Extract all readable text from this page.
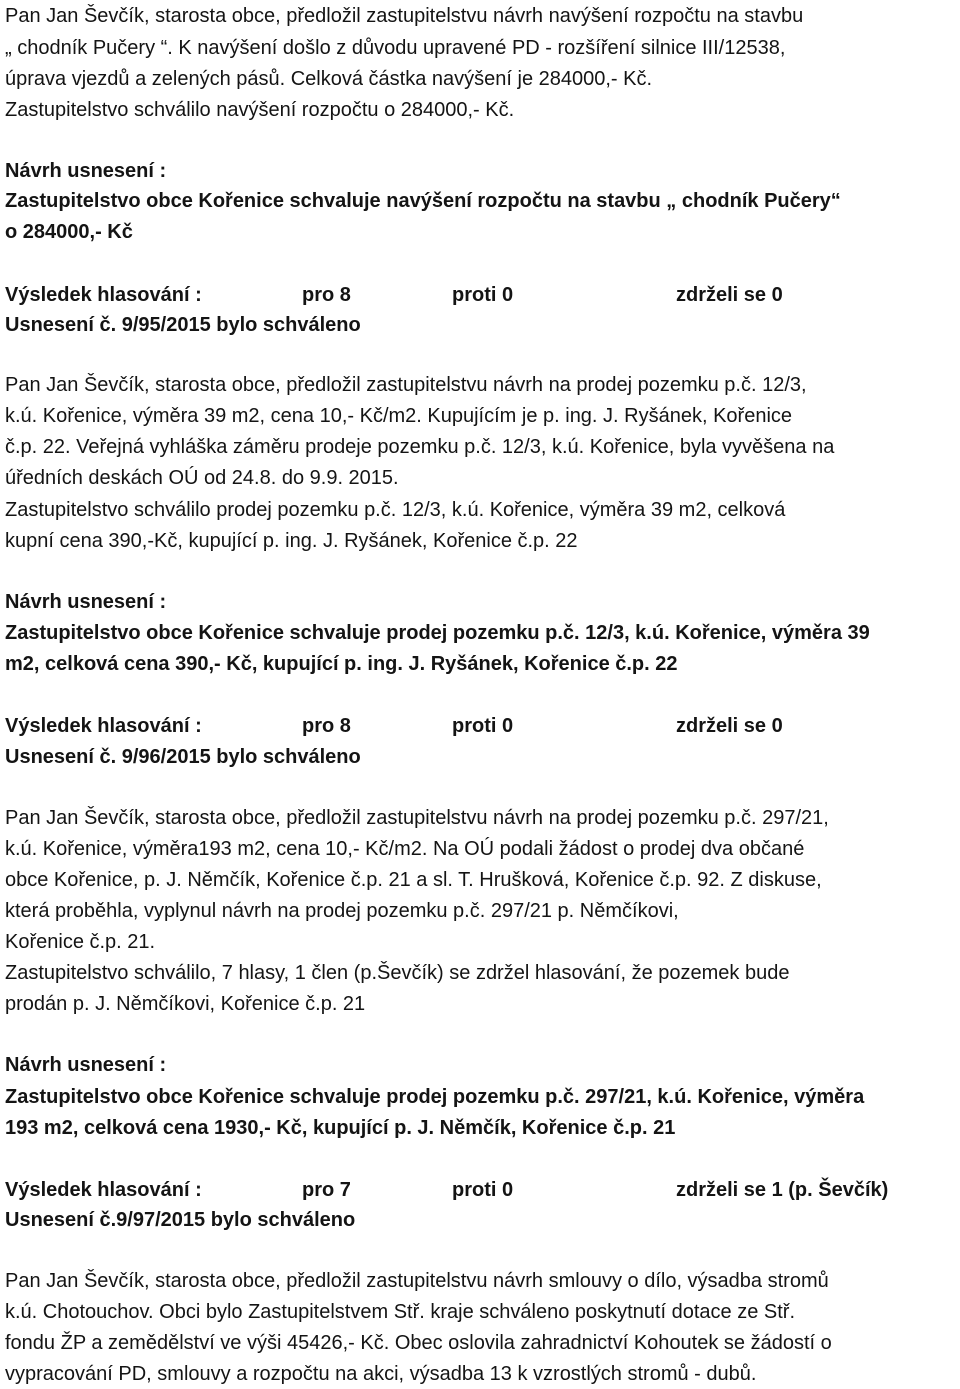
Pan Jan Ševčík, starosta obce, předložil zastupitelstvu návrh navýšení rozpočtu na stavbu
„ chodník Pučery “. K navýšení došlo z důvodu upravené PD - rozšíření silnice III/12538,
úprava vjezdů a zelených pásů. Celková částka navýšení je 284000,- Kč.
Zastupitelstvo schválilo navýšení rozpočtu o 284000,- Kč.
Návrh usnesení :
Zastupitelstvo obce Kořenice schvaluje navýšení rozpočtu na stavbu „ chodník Pučery“
o 284000,- Kč
Výsledek hlasování :	pro 8	proti 0	zdrželi se 0
Usnesení č. 9/95/2015 bylo schváleno
Pan Jan Ševčík, starosta obce, předložil zastupitelstvu návrh na prodej pozemku p.č. 12/3,
k.ú. Kořenice, výměra 39 m2, cena 10,- Kč/m2. Kupujícím je p. ing. J. Ryšánek, Kořenice
č.p. 22. Veřejná vyhláška záměru prodeje pozemku p.č. 12/3, k.ú. Kořenice, byla vyvěšena na
úředních deskách OÚ od 24.8. do 9.9. 2015.
Zastupitelstvo schválilo prodej pozemku p.č. 12/3, k.ú. Kořenice, výměra 39 m2, celková
kupní cena 390,-Kč, kupující p. ing. J. Ryšánek, Kořenice č.p. 22
Návrh usnesení :
Zastupitelstvo obce Kořenice schvaluje prodej pozemku p.č. 12/3, k.ú. Kořenice, výměra 39
m2, celková cena 390,- Kč, kupující p. ing. J. Ryšánek, Kořenice č.p. 22
Výsledek hlasování :	pro 8	proti 0	zdrželi se 0
Usnesení č. 9/96/2015 bylo schváleno
Pan Jan Ševčík, starosta obce, předložil zastupitelstvu návrh na prodej pozemku p.č. 297/21,
k.ú. Kořenice, výměra193 m2, cena 10,- Kč/m2. Na OÚ podali žádost o prodej dva občané
obce Kořenice, p. J. Němčík, Kořenice č.p. 21 a sl. T. Hrušková, Kořenice č.p. 92. Z diskuse,
která proběhla, vyplynul návrh na prodej pozemku p.č. 297/21 p. Němčíkovi,
Kořenice č.p. 21.
Zastupitelstvo schválilo, 7 hlasy, 1 člen (p.Ševčík) se zdržel hlasování, že pozemek bude
prodán p. J. Němčíkovi, Kořenice č.p. 21
Návrh usnesení :
Zastupitelstvo obce Kořenice schvaluje prodej pozemku p.č. 297/21, k.ú. Kořenice, výměra
193 m2, celková cena 1930,- Kč, kupující p. J. Němčík, Kořenice č.p. 21
Výsledek hlasování :	pro 7	proti 0	zdrželi se 1 (p. Ševčík)
Usnesení č.9/97/2015 bylo schváleno
Pan Jan Ševčík, starosta obce, předložil zastupitelstvu návrh smlouvy o dílo, výsadba stromů
k.ú. Chotouchov. Obci bylo Zastupitelstvem Stř. kraje schváleno poskytnutí dotace ze Stř.
fondu ŽP a zemědělství ve výši 45426,- Kč. Obec oslovila zahradnictví Kohoutek se žádostí o
vypracování PD, smlouvy a rozpočtu na akci, výsadba 13 k vzrostlých stromů - dubů.
